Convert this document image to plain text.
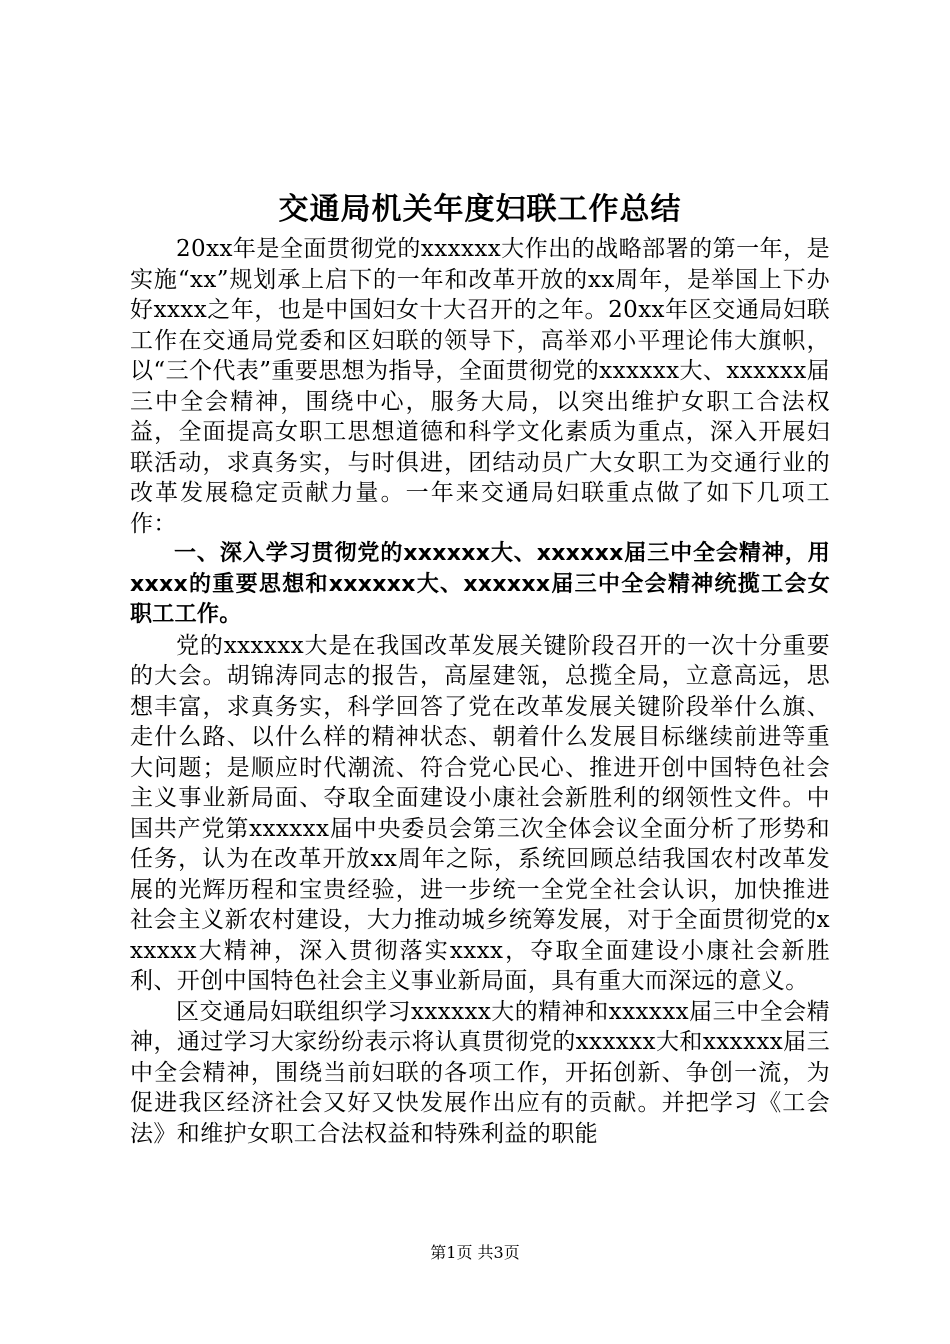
交通局机关年度妇联工作总结

20xx年是全面贯彻党的xxxxxx大作出的战略部署的第一年，是实施“xx”规划承上启下的一年和改革开放的xx周年，是举国上下办好xxxx之年，也是中国妇女十大召开的之年。20xx年区交通局妇联工作在交通局党委和区妇联的领导下，高举邓小平理论伟大旗帜，以“三个代表”重要思想为指导，全面贯彻党的xxxxxx大、xxxxxx届三中全会精神，围绕中心，服务大局，以突出维护女职工合法权益，全面提高女职工思想道德和科学文化素质为重点，深入开展妇联活动，求真务实，与时俱进，团结动员广大女职工为交通行业的改革发展稳定贡献力量。一年来交通局妇联重点做了如下几项工作：

一、深入学习贯彻党的xxxxxx大、xxxxxx届三中全会精神，用xxxx的重要思想和xxxxxx大、xxxxxx届三中全会精神统揽工会女职工工作。

党的xxxxxx大是在我国改革发展关键阶段召开的一次十分重要的大会。胡锦涛同志的报告，高屋建瓴，总揽全局，立意高远，思想丰富，求真务实，科学回答了党在改革发展关键阶段举什么旗、走什么路、以什么样的精神状态、朝着什么发展目标继续前进等重大问题；是顺应时代潮流、符合党心民心、推进开创中国特色社会主义事业新局面、夺取全面建设小康社会新胜利的纲领性文件。中国共产党第xxxxxx届中央委员会第三次全体会议全面分析了形势和任务，认为在改革开放xx周年之际，系统回顾总结我国农村改革发展的光辉历程和宝贵经验，进一步统一全党全社会认识，加快推进社会主义新农村建设，大力推动城乡统筹发展，对于全面贯彻党的xxxxxx大精神，深入贯彻落实xxxx，夺取全面建设小康社会新胜利、开创中国特色社会主义事业新局面，具有重大而深远的意义。

区交通局妇联组织学习xxxxxx大的精神和xxxxxx届三中全会精神，通过学习大家纷纷表示将认真贯彻党的xxxxxx大和xxxxxx届三中全会精神，围绕当前妇联的各项工作，开拓创新、争创一流，为促进我区经济社会又好又快发展作出应有的贡献。并把学习《工会法》和维护女职工合法权益和特殊利益的职能

第1页 共3页
